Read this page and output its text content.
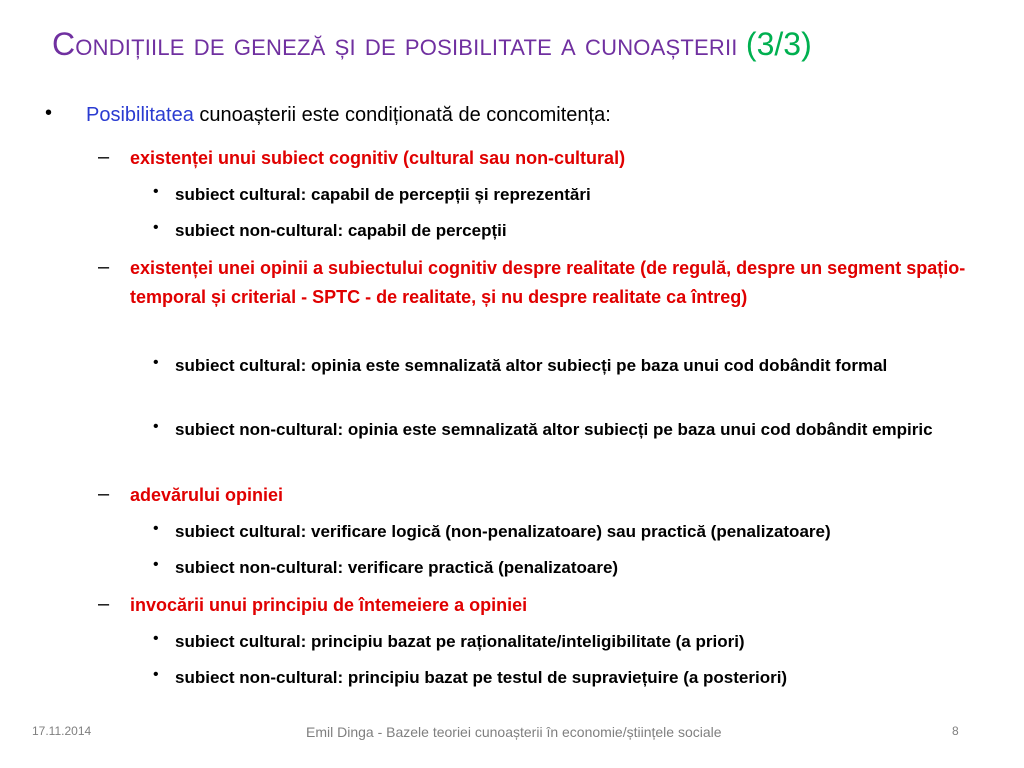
Condițiile de geneză și de posibilitate a cunoașterii (3/3)
• Posibilitatea cunoașterii este condiționată de concomitența:
– existenței unui subiect cognitiv (cultural sau non-cultural)
• subiect cultural: capabil de percepții și reprezentări
• subiect non-cultural: capabil de percepții
– existenței unei opinii a subiectului cognitiv despre realitate (de regulă, despre un segment spațio-temporal și criterial - SPTC - de realitate, și nu despre realitate ca întreg)
• subiect cultural: opinia este semnalizată altor subiecți pe baza unui cod dobândit formal
• subiect non-cultural: opinia este semnalizată altor subiecți pe baza unui cod dobândit empiric
– adevărului opiniei
• subiect cultural: verificare logică (non-penalizatoare) sau practică (penalizatoare)
• subiect non-cultural: verificare practică (penalizatoare)
– invocării unui principiu de întemeiere a opiniei
• subiect cultural: principiu bazat pe raționalitate/inteligibilitate (a priori)
• subiect non-cultural: principiu bazat pe testul de supraviețuire (a posteriori)
17.11.2014	Emil Dinga - Bazele teoriei cunoașterii în economie/științele sociale	8
